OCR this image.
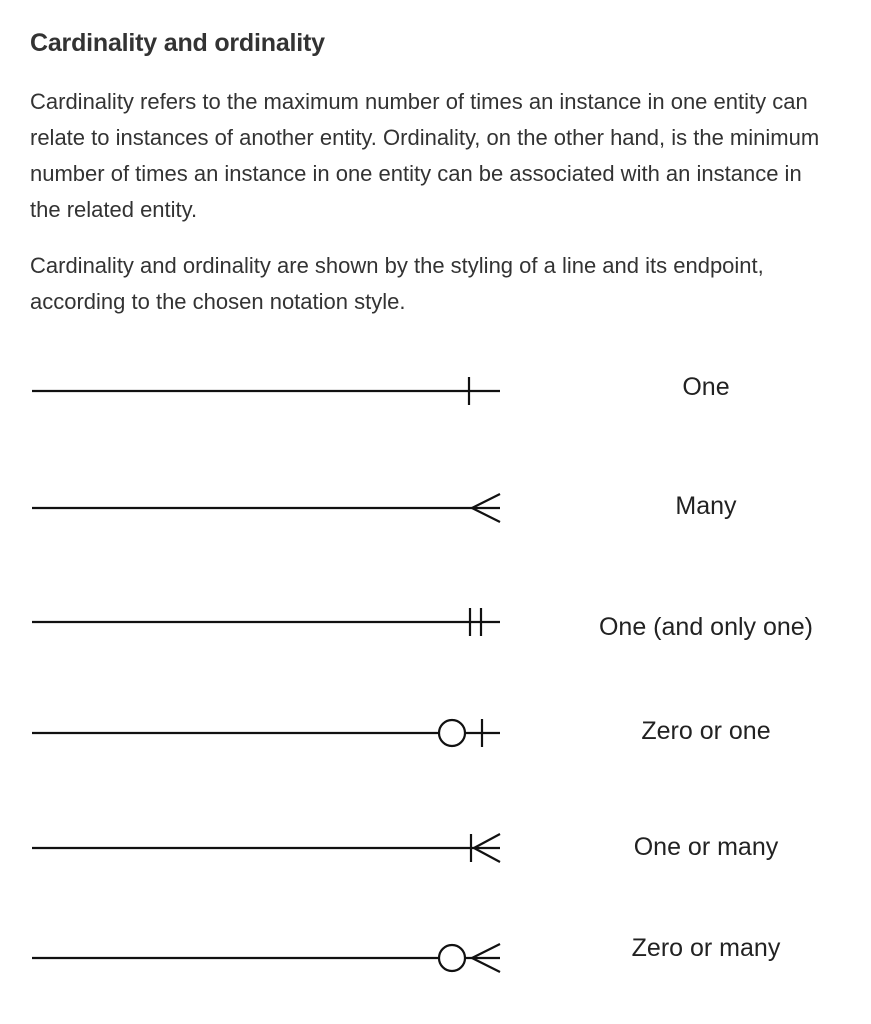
Cardinality and ordinality

Cardinality refers to the maximum number of times an instance in one entity can relate to instances of another entity. Ordinality, on the other hand, is the minimum number of times an instance in one entity can be associated with an instance in the related entity.

Cardinality and ordinality are shown by the styling of a line and its endpoint, according to the chosen notation style.

One
Many
One (and only one)
Zero or one
One or many
Zero or many
